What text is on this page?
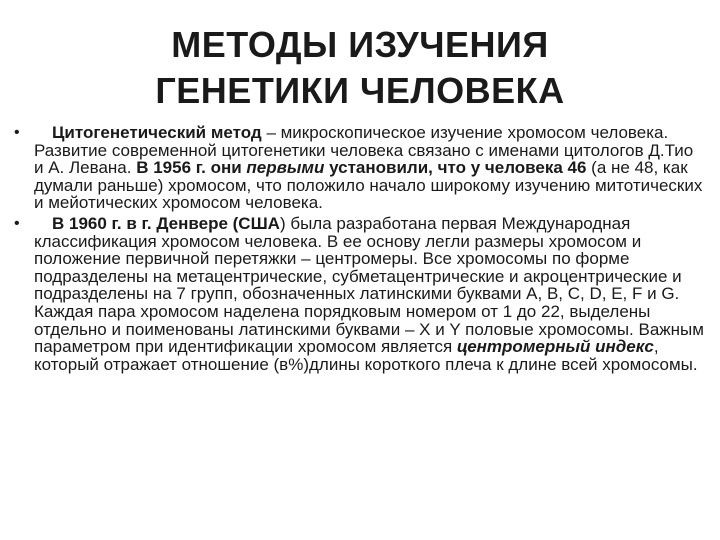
МЕТОДЫ ИЗУЧЕНИЯ
ГЕНЕТИКИ ЧЕЛОВЕКА
•	Цитогенетический метод – микроскопическое изучение хромосом человека. Развитие современной цитогенетики человека связано с именами цитологов Д.Тио и А. Левана. В 1956 г. они первыми установили, что у человека 46 (а не 48, как думали раньше) хромосом, что положило начало широкому изучению митотических и мейотических хромосом человека.
•	В 1960 г. в г. Денвере (США) была разработана первая Международная классификация хромосом человека. В ее основу легли размеры хромосом и положение первичной перетяжки – центромеры. Все хромосомы по форме подразделены на метацентрические, субметацентрические и акроцентрические и подразделены на 7 групп, обозначенных латинскими буквами A, B, C, D, E, F и G. Каждая пара хромосом наделена порядковым номером от 1 до 22, выделены отдельно и поименованы латинскими буквами – X и Y половые хромосомы. Важным параметром при идентификации хромосом является центромерный индекс, который отражает отношение (в%)длины короткого плеча к длине всей хромосомы.
